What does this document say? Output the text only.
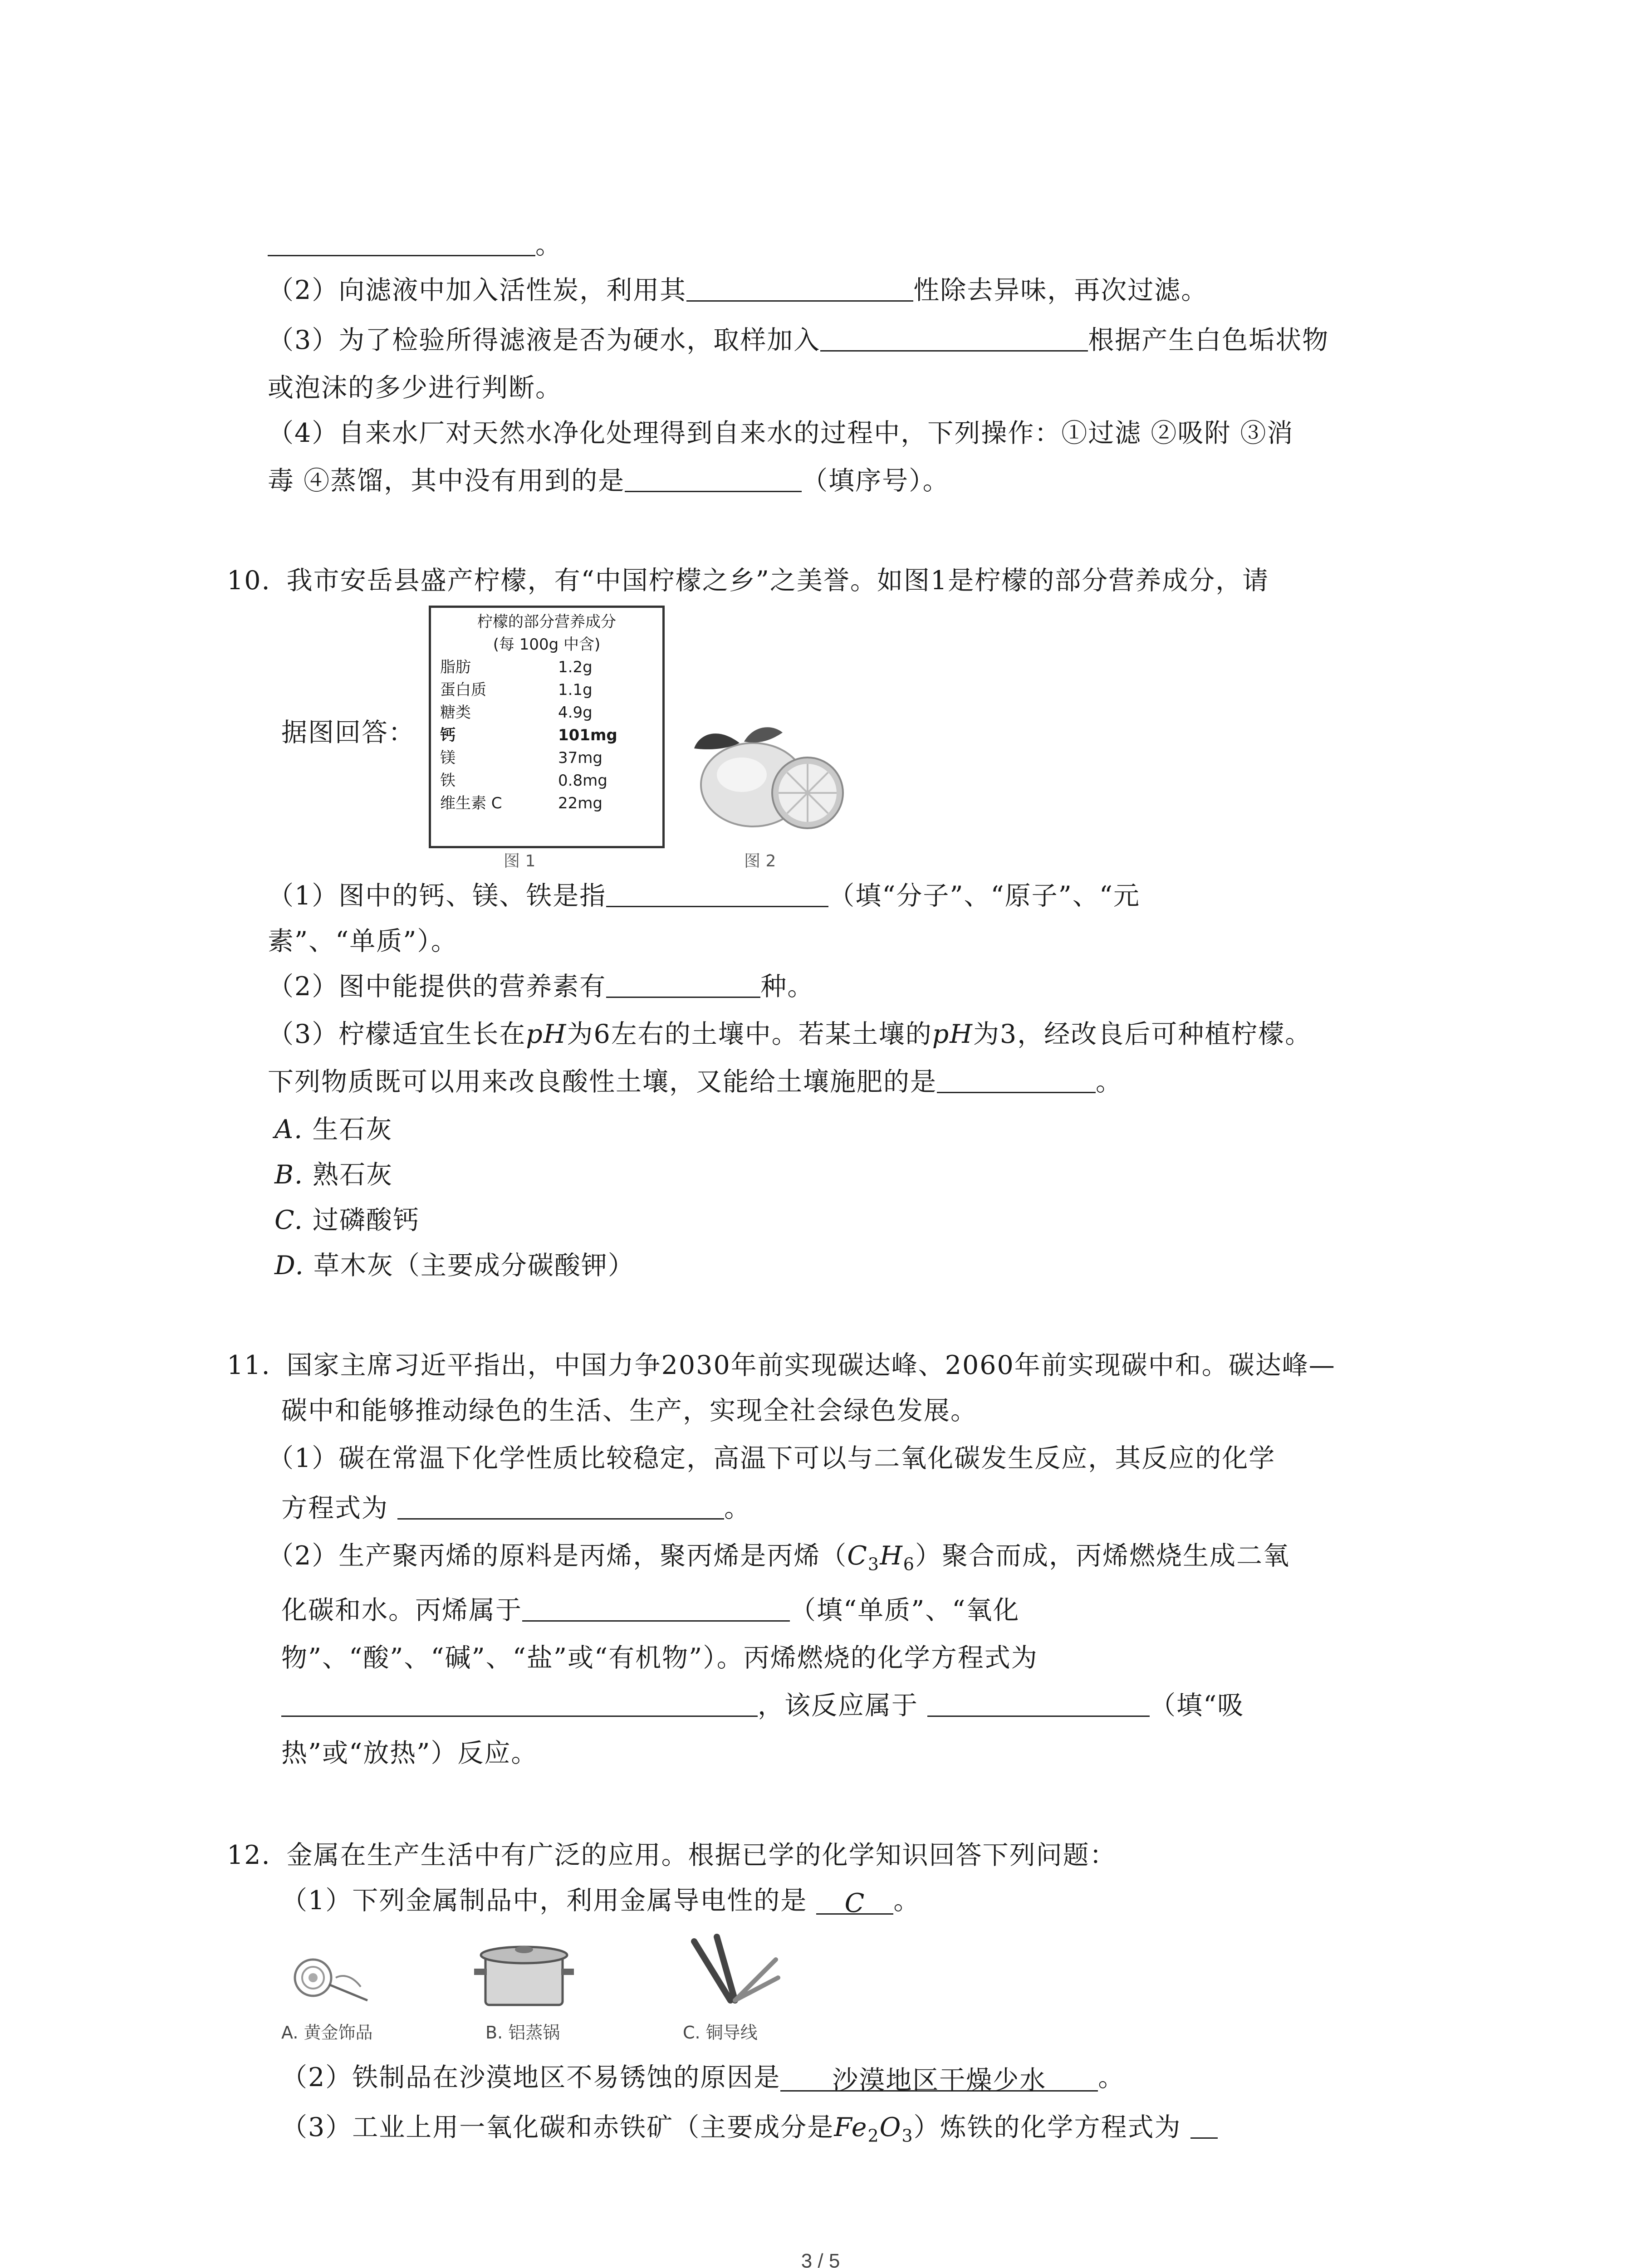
。
（2）向滤液中加入活性炭，利用其	性除去异味，再次过滤。
（3）为了检验所得滤液是否为硬水，取样加入	根据产生白色垢状物
或泡沫的多少进行判断。
（4）自来水厂对天然水净化处理得到自来水的过程中，下列操作：①过滤 ②吸附 ③消
毒 ④蒸馏，其中没有用到的是	（填序号）。
10. 我市安岳县盛产柠檬，有“中国柠檬之乡”之美誉。如图1是柠檬的部分营养成分，请
据图回答：
柠檬的部分营养成分
(每 100g 中含)
脂肪	1.2g
蛋白质	1.1g
糖类	4.9g
钙	101mg
镁	37mg
铁	0.8mg
维生素 C	22mg
图 1	图 2
（1）图中的钙、镁、铁是指	（填“分子”、“原子”、“元
素”、“单质”）。
（2）图中能提供的营养素有	种。
（3）柠檬适宜生长在pH为6左右的土壤中。若某土壤的pH为3，经改良后可种植柠檬。
下列物质既可以用来改良酸性土壤，又能给土壤施肥的是	。
A. 生石灰
B. 熟石灰
C. 过磷酸钙
D. 草木灰（主要成分碳酸钾）
11. 国家主席习近平指出，中国力争2030年前实现碳达峰、2060年前实现碳中和。碳达峰—
碳中和能够推动绿色的生活、生产，实现全社会绿色发展。
（1）碳在常温下化学性质比较稳定，高温下可以与二氧化碳发生反应，其反应的化学
方程式为	。
（2）生产聚丙烯的原料是丙烯，聚丙烯是丙烯$(C_3H_6)$聚合而成，丙烯燃烧生成二氧
化碳和水。丙烯属于	（填“单质”、“氧化
物”、“酸”、“碱”、“盐”或“有机物”）。丙烯燃烧的化学方程式为
，该反应属于	（填“吸
热”或“放热”）反应。
12. 金属在生产生活中有广泛的应用。根据已学的化学知识回答下列问题：
（1）下列金属制品中，利用金属导电性的是 C 。
A. 黄金饰品	B. 铝蒸锅	C. 铜导线
（2）铁制品在沙漠地区不易锈蚀的原因是 沙漠地区干燥少水 。
（3）工业上用一氧化碳和赤铁矿（主要成分是$Fe_2O_3$）炼铁的化学方程式为
3 / 5
